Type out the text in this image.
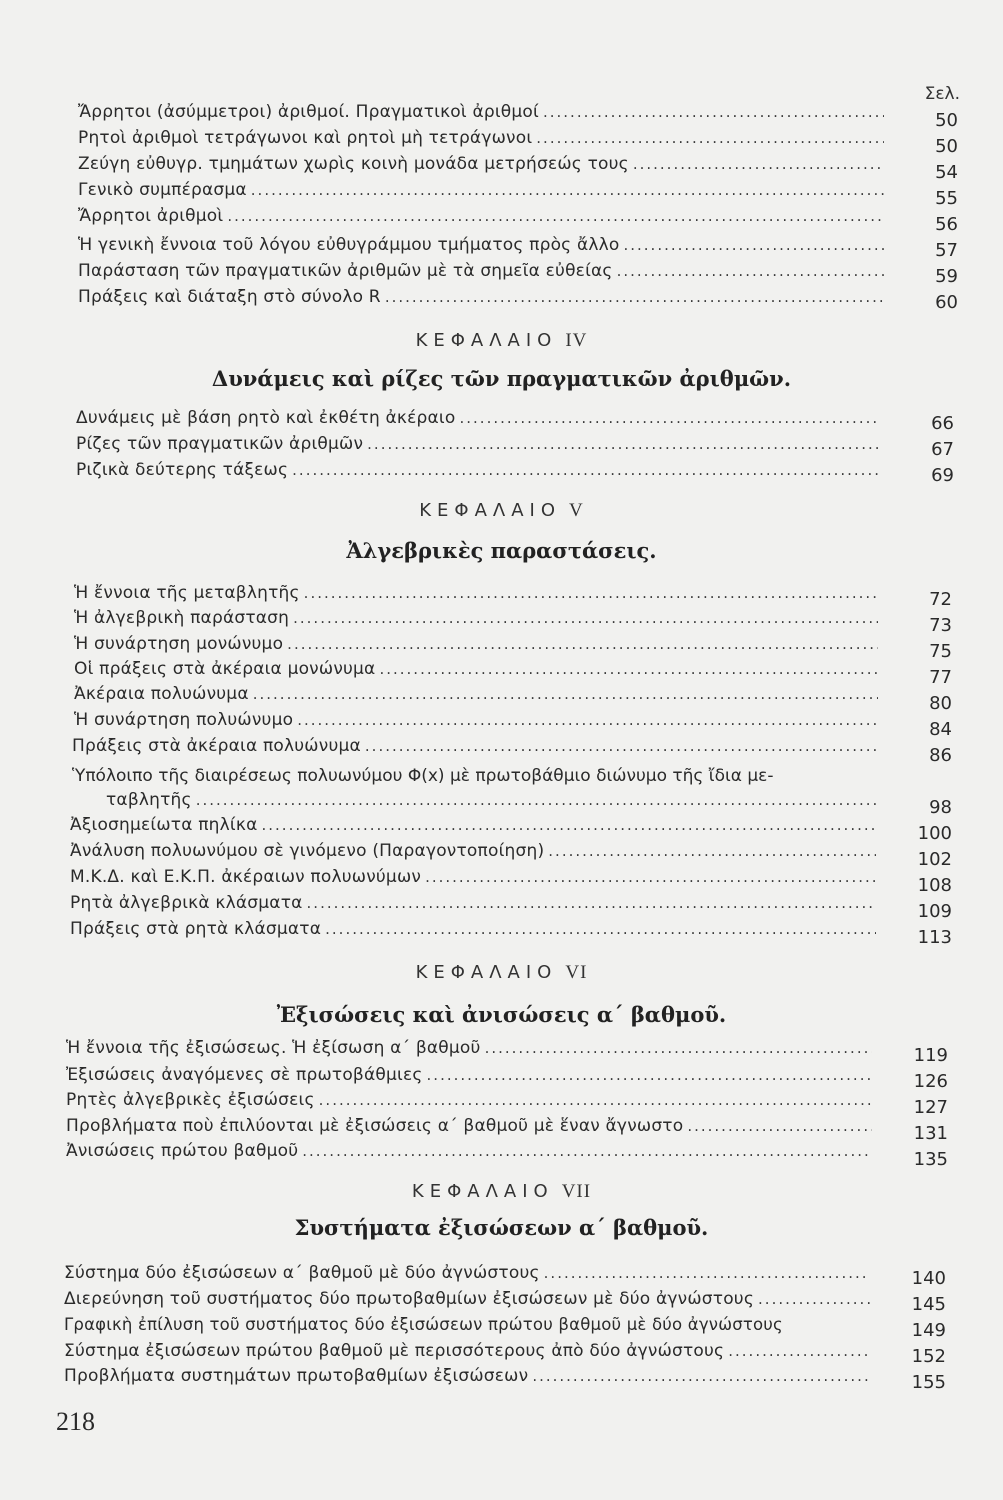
Σελ.
Ἄρρητοι (ἀσύμμετροι) ἀριθμοί. Πραγματικοὶ ἀριθμοί .....	50
Ρητοὶ ἀριθμοὶ τετράγωνοι καὶ ρητοὶ μὴ τετράγωνοι .....	50
Ζεύγη εὐθυγρ. τμημάτων χωρὶς κοινὴ μονάδα μετρήσεώς τους .....	54
Γενικὸ συμπέρασμα .....	55
Ἄρρητοι ἀριθμοὶ .....	56
Ἡ γενικὴ ἔννοια τοῦ λόγου εὐθυγράμμου τμήματος πρὸς ἄλλο .....	57
Παράσταση τῶν πραγματικῶν ἀριθμῶν μὲ τὰ σημεῖα εὐθείας .....	59
Πράξεις καὶ διάταξη στὸ σύνολο R .....	60
ΚΕΦΑΛΑΙΟ IV
Δυνάμεις καὶ ρίζες τῶν πραγματικῶν ἀριθμῶν.
Δυνάμεις μὲ βάση ρητὸ καὶ ἐκθέτη ἀκέραιο .....	66
Ρίζες τῶν πραγματικῶν ἀριθμῶν .....	67
Ριζικὰ δεύτερης τάξεως .....	69
ΚΕΦΑΛΑΙΟ V
Ἀλγεβρικὲς παραστάσεις.
Ἡ ἔννοια τῆς μεταβλητῆς .....	72
Ἡ ἀλγεβρικὴ παράσταση .....	73
Ἡ συνάρτηση μονώνυμο .....	75
Οἱ πράξεις στὰ ἀκέραια μονώνυμα .....	77
Ἀκέραια πολυώνυμα .....	80
Ἡ συνάρτηση πολυώνυμο .....	84
Πράξεις στὰ ἀκέραια πολυώνυμα .....	86
Ὑπόλοιπο τῆς διαιρέσεως πολυωνύμου Φ(x) μὲ πρωτοβάθμιο διώνυμο τῆς ἴδια με-
ταβλητῆς .....	98
Ἀξιοσημείωτα πηλίκα .....	100
Ἀνάλυση πολυωνύμου σὲ γινόμενο (Παραγοντοποίηση) .....	102
Μ.Κ.Δ. καὶ Ε.Κ.Π. ἀκέραιων πολυωνύμων .....	108
Ρητὰ ἀλγεβρικὰ κλάσματα .....	109
Πράξεις στὰ ρητὰ κλάσματα .....	113
ΚΕΦΑΛΑΙΟ VI
Ἐξισώσεις καὶ ἀνισώσεις α΄ βαθμοῦ.
Ἡ ἔννοια τῆς ἐξισώσεως. Ἡ ἐξίσωση α΄ βαθμοῦ .....	119
Ἐξισώσεις ἀναγόμενες σὲ πρωτοβάθμιες .....	126
Ρητὲς ἀλγεβρικὲς ἐξισώσεις .....	127
Προβλήματα ποὺ ἐπιλύονται μὲ ἐξισώσεις α΄ βαθμοῦ μὲ ἕναν ἄγνωστο .....	131
Ἀνισώσεις πρώτου βαθμοῦ .....	135
ΚΕΦΑΛΑΙΟ VII
Συστήματα ἐξισώσεων α΄ βαθμοῦ.
Σύστημα δύο ἐξισώσεων α΄ βαθμοῦ μὲ δύο ἀγνώστους .....	140
Διερεύνηση τοῦ συστήματος δύο πρωτοβαθμίων ἐξισώσεων μὲ δύο ἀγνώστους .....	145
Γραφικὴ ἐπίλυση τοῦ συστήματος δύο ἐξισώσεων πρώτου βαθμοῦ μὲ δύο ἀγνώστους	149
Σύστημα ἐξισώσεων πρώτου βαθμοῦ μὲ περισσότερους ἀπὸ δύο ἀγνώστους .....	152
Προβλήματα συστημάτων πρωτοβαθμίων ἐξισώσεων .....	155
218
